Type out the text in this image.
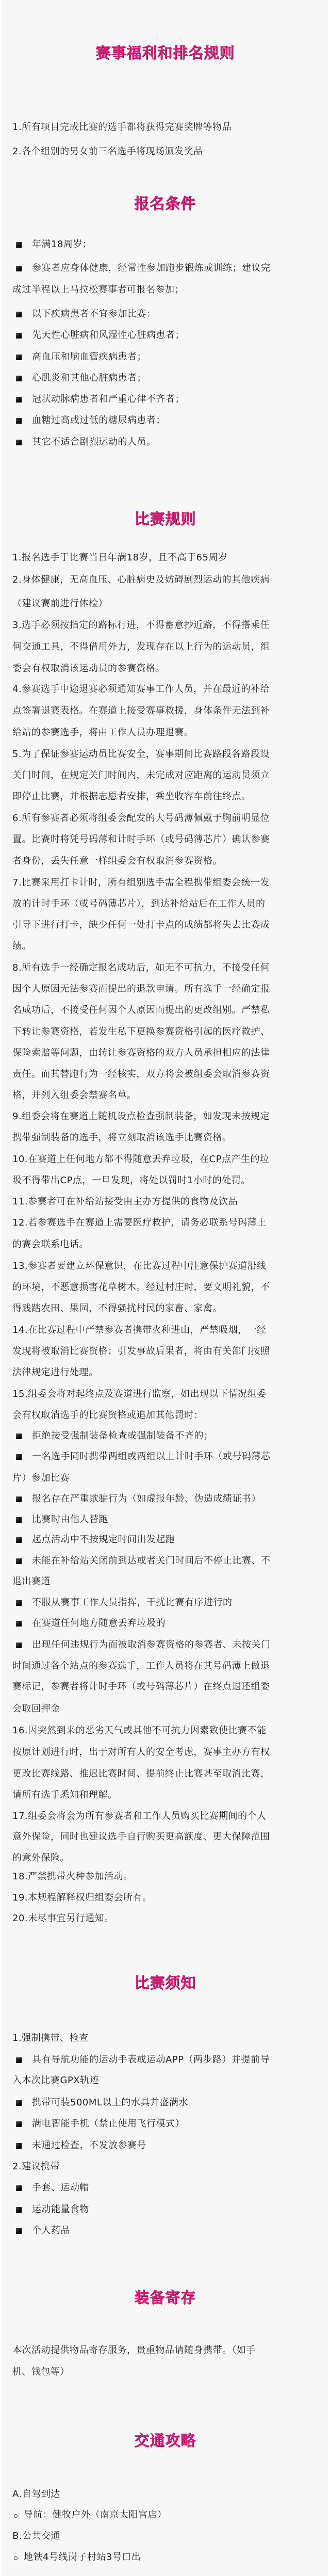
赛事福利和排名规则
1.所有项目完成比赛的选手都将获得完赛奖牌等物品
2.各个组别的男女前三名选手将现场颁发奖品
报名条件
比赛规则
比赛须知
装备寄存
交通攻略
年满18周岁；
参赛者应身体健康，经常性参加跑步锻炼或训练；建议完
成过半程以上马拉松赛事者可报名参加；
以下疾病患者不宜参加比赛：
先天性心脏病和风湿性心脏病患者；
高血压和脑血管疾病患者；
心肌炎和其他心脏病患者；
冠状动脉病患者和严重心律不齐者；
血糖过高或过低的糖尿病患者；
其它不适合剧烈运动的人员。
1.报名选手于比赛当日年满18岁，且不高于65周岁
2.身体健康，无高血压、心脏病史及妨碍剧烈运动的其他疾病
（建议赛前进行体检）
3.选手必须按指定的路标行进，不得蓄意抄近路，不得搭乘任
何交通工具，不得借用外力，发现存在以上行为的运动员，组
委会有权取消该运动员的参赛资格。
4.参赛选手中途退赛必须通知赛事工作人员，并在最近的补给
点签署退赛表格。在赛道上接受赛事救援，身体条件无法到补
给站的参赛选手，将由工作人员办理退赛。
5.为了保证参赛运动员比赛安全，赛事期间比赛路段各路段设
关门时间，在规定关门时间内，未完成对应距离的运动员须立
即停止比赛，并根据志愿者安排，乘坐收容车前往终点。
6.所有参赛者必须将组委会配发的大号码薄佩戴于胸前明显位
置。比赛时将凭号码薄和计时手环（或号码薄芯片）确认参赛
者身份，丢失任意一样组委会有权取消参赛资格。
7.比赛采用打卡计时，所有组别选手需全程携带组委会统一发
放的计时手环（或号码薄芯片），到达补给站后在工作人员的
引导下进行打卡，缺少任何一处打卡点的成绩都将失去比赛成
绩。
8.所有选手一经确定报名成功后，如无不可抗力，不接受任何
因个人原因无法参赛而提出的退款申请。所有选手一经确定报
名成功后，不接受任何因个人原因而提出的更改组别。严禁私
下转让参赛资格，若发生私下更换参赛资格引起的医疗救护、
保险索赔等问题，由转让参赛资格的双方人员承担相应的法律
责任。而其替跑行为一经核实，双方将会被组委会取消参赛资
格，并列入组委会禁赛名单。
9.组委会将在赛道上随机设点检查强制装备，如发现未按规定
携带强制装备的选手，将立刻取消该选手比赛资格。
10.在赛道上任何地方都不得随意丢弃垃圾，在CP点产生的垃
圾不得带出CP点，一旦发现，将处以罚时1小时的处罚。
11.参赛者可在补给站接受由主办方提供的食物及饮品
12.若参赛选手在赛道上需要医疗救护，请务必联系号码薄上
的赛会联系电话。
13.参赛者要建立环保意识，在比赛过程中注意保护赛道沿线
的环境，不恶意损害花草树木。经过村庄时，要文明礼貌，不
得践踏农田、果园，不得骚扰村民的家畜、家禽。
14.在比赛过程中严禁参赛者携带火种进山，严禁吸烟，一经
发现将被取消比赛资格；引发事故后果者，将由有关部门按照
法律规定进行处理。
15.组委会将对起终点及赛道进行监察，如出现以下情况组委
会有权取消选手的比赛资格或追加其他罚时：
拒绝接受强制装备检查或强制装备不齐的；
一名选手同时携带两组或两组以上计时手环（或号码薄芯
片）参加比赛
报名存在严重欺骗行为（如虚报年龄、伪造成绩证书）
比赛时由他人替跑
起点活动中不按规定时间出发起跑
未能在补给站关闭前到达或者关门时间后不停止比赛、不
退出赛道
不服从赛事工作人员指挥，干扰比赛有序进行的
在赛道任何地方随意丢弃垃圾的
出现任何违规行为而被取消参赛资格的参赛者、未按关门
时间通过各个站点的参赛选手，工作人员将在其号码薄上做退
赛标记，参赛者将计时手环（或号码薄芯片）在终点退还组委
会取回押金
16.因突然到来的恶劣天气或其他不可抗力因素致使比赛不能
按原计划进行时，出于对所有人的安全考虑，赛事主办方有权
更改比赛线路、推迟比赛时间、提前终止比赛甚至取消比赛，
请所有选手悉知和理解。
17.组委会将会为所有参赛者和工作人员购买比赛期间的个人
意外保险，同时也建议选手自行购买更高额度、更大保障范围
的意外保险。
18.严禁携带火种参加活动。
19.本规程解释权归组委会所有。
20.未尽事宜另行通知。
1.强制携带、检查
具有导航功能的运动手表或运动APP（两步路）并提前导
入本次比赛GPX轨迹
携带可装500ML以上的水具并盛满水
满电智能手机（禁止使用飞行模式）
未通过检查，不发放参赛号
2.建议携带
手套、运动帽
运动能量食物
个人药品
本次活动提供物品寄存服务，贵重物品请随身携带。（如手
机、钱包等）
A.自驾到达
导航：健牧户外（南京太阳宫店）
B.公共交通
地铁4号线岗子村站3号口出
